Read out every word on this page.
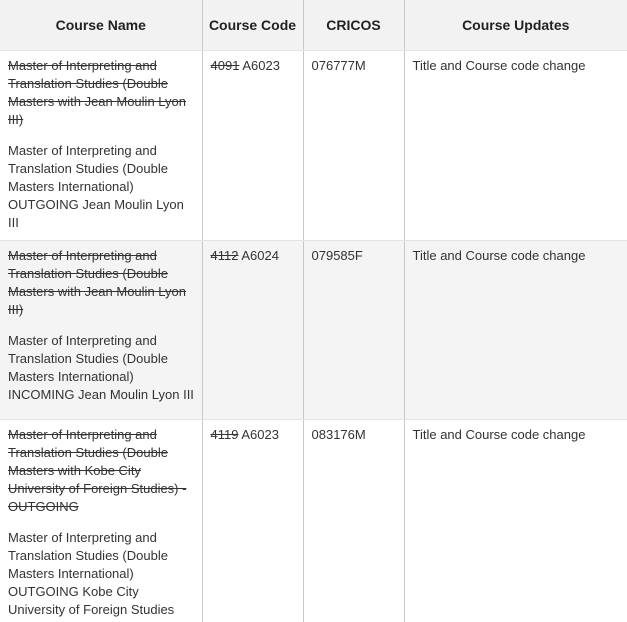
Course Name	Course Code	CRICOS	Course Updates

Master of Interpreting and Translation Studies (Double Masters with Jean Moulin Lyon III)
Master of Interpreting and Translation Studies (Double Masters International) OUTGOING Jean Moulin Lyon III	4091 A6023	076777M	Title and Course code change

Master of Interpreting and Translation Studies (Double Masters with Jean Moulin Lyon III)
Master of Interpreting and Translation Studies (Double Masters International) INCOMING Jean Moulin Lyon III	4112 A6024	079585F	Title and Course code change

Master of Interpreting and Translation Studies (Double Masters with Kobe City University of Foreign Studies) - OUTGOING
Master of Interpreting and Translation Studies (Double Masters International) OUTGOING Kobe City University of Foreign Studies	4119 A6023	083176M	Title and Course code change
